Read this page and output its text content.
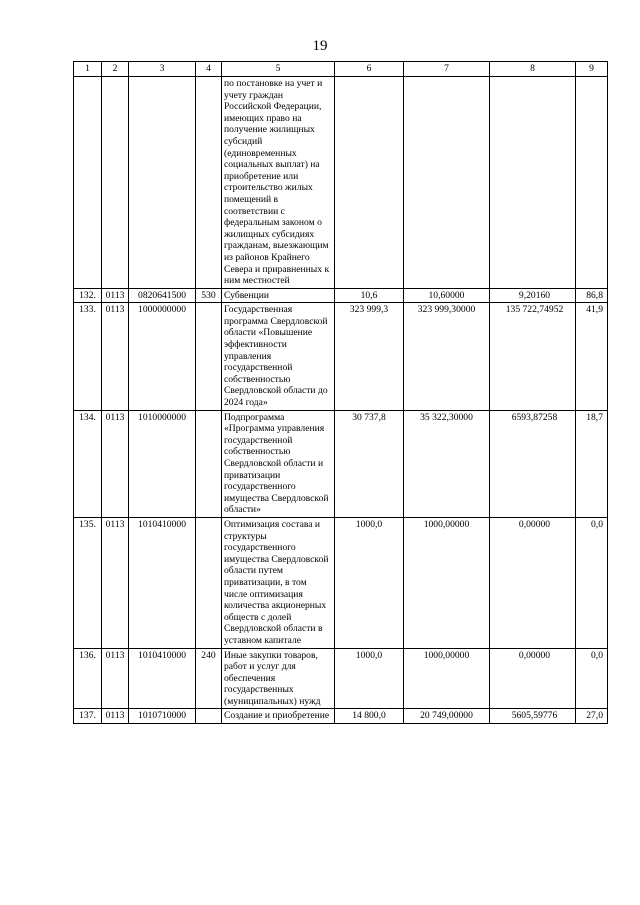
19
1	2	3	4	5	6	7	8	9
				по постановке на учет и учету граждан Российской Федерации, имеющих право на получение жилищных субсидий (единовременных социальных выплат) на приобретение или строительство жилых помещений в соответствии с федеральным законом о жилищных субсидиях гражданам, выезжающим из районов Крайнего Севера и приравненных к ним местностей				
132.	0113	0820641500	530	Субвенции	10,6	10,60000	9,20160	86,8
133.	0113	1000000000		Государственная программа Свердловской области «Повышение эффективности управления государственной собственностью Свердловской области до 2024 года»	323 999,3	323 999,30000	135 722,74952	41,9
134.	0113	1010000000		Подпрограмма «Программа управления государственной собственностью Свердловской области и приватизации государственного имущества Свердловской области»	30 737,8	35 322,30000	6593,87258	18,7
135.	0113	1010410000		Оптимизация состава и структуры государственного имущества Свердловской области путем приватизации, в том числе оптимизация количества акционерных обществ с долей Свердловской области в уставном капитале	1000,0	1000,00000	0,00000	0,0
136.	0113	1010410000	240	Иные закупки товаров, работ и услуг для обеспечения государственных (муниципальных) нужд	1000,0	1000,00000	0,00000	0,0
137.	0113	1010710000		Создание и приобретение	14 800,0	20 749,00000	5605,59776	27,0
